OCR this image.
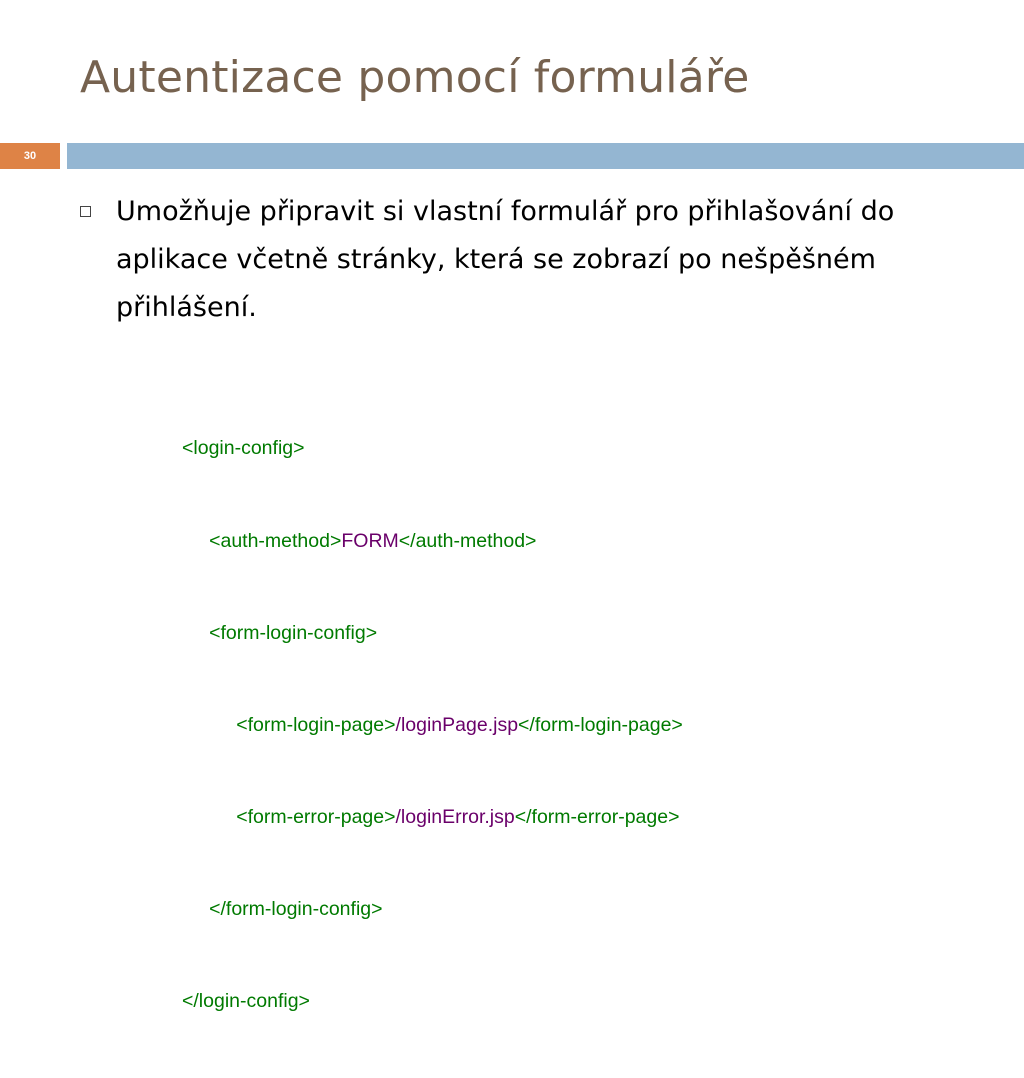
Autentizace pomocí formuláře
30
Umožňuje připravit si vlastní formulář pro přihlašování do aplikace včetně stránky, která se zobrazí po nešpěšném přihlášení.

<login-config>

<auth-method>FORM</auth-method>

<form-login-config>

<form-login-page>/loginPage.jsp</form-login-page>

<form-error-page>/loginError.jsp</form-error-page>

</form-login-config>

</login-config>
